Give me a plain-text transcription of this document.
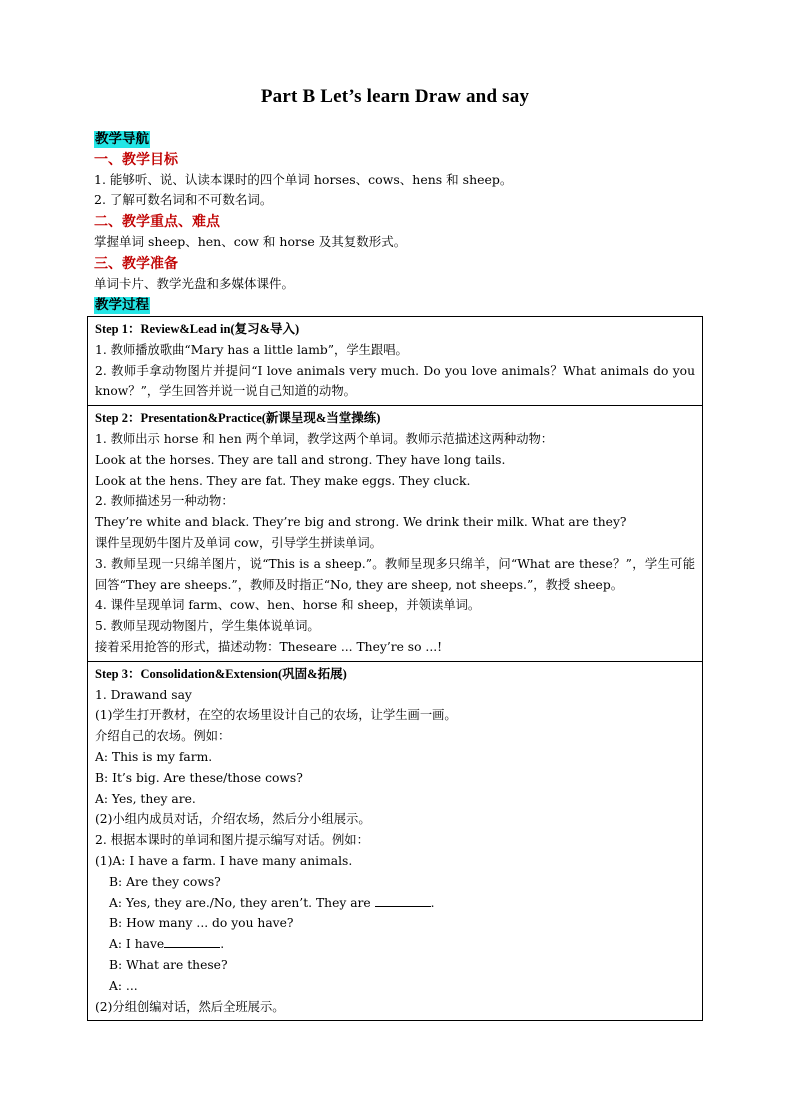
Part B Let’s learn Draw and say
教学导航
一、教学目标
1. 能够听、说、认读本课时的四个单词 horses、cows、hens 和 sheep。
2. 了解可数名词和不可数名词。
二、教学重点、难点
掌握单词 sheep、hen、cow 和 horse 及其复数形式。
三、教学准备
单词卡片、教学光盘和多媒体课件。
教学过程
Step 1：Review&Lead in(复习&导入)
1. 教师播放歌曲“Mary has a little lamb”，学生跟唱。
2. 教师手拿动物图片并提问“I love animals very much. Do you love animals？What animals do you know？”，学生回答并说一说自己知道的动物。

Step 2：Presentation&Practice(新课呈现&当堂操练)
1. 教师出示 horse 和 hen 两个单词，教学这两个单词。教师示范描述这两种动物：
Look at the horses. They are tall and strong. They have long tails.
Look at the hens. They are fat. They make eggs. They cluck.
2. 教师描述另一种动物：
They’re white and black. They’re big and strong. We drink their milk. What are they?
课件呈现奶牛图片及单词 cow，引导学生拼读单词。
3. 教师呈现一只绵羊图片，说“This is a sheep.”。教师呈现多只绵羊，问“What are these？”，学生可能回答“They are sheeps.”，教师及时指正“No, they are sheep, not sheeps.”，教授 sheep。
4. 课件呈现单词 farm、cow、hen、horse 和 sheep，并领读单词。
5. 教师呈现动物图片，学生集体说单词。
接着采用抢答的形式，描述动物：Theseare ... They’re so ...!

Step 3：Consolidation&Extension(巩固&拓展)
1. Drawand say
(1)学生打开教材，在空的农场里设计自己的农场，让学生画一画。
介绍自己的农场。例如：
A: This is my farm.
B: It’s big. Are these/those cows?
A: Yes, they are.
(2)小组内成员对话，介绍农场，然后分小组展示。
2. 根据本课时的单词和图片提示编写对话。例如：
(1)A: I have a farm. I have many animals.
B: Are they cows?
A: Yes, they are./No, they aren’t. They are	.
B: How many ... do you have?
A: I have	.
B: What are these?
A: ...
(2)分组创编对话，然后全班展示。
